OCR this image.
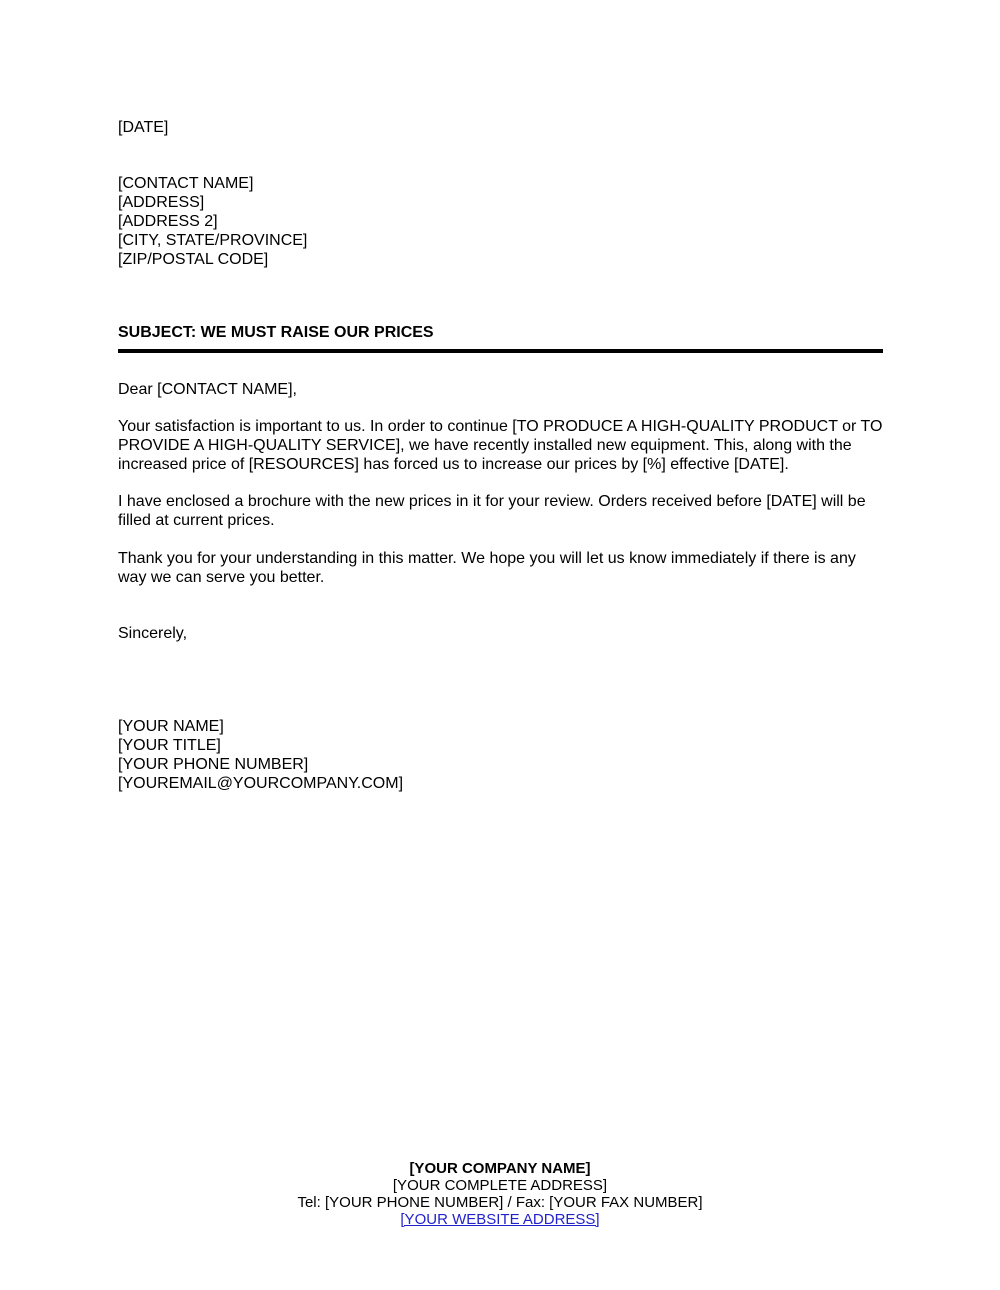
[DATE]
[CONTACT NAME]
[ADDRESS]
[ADDRESS 2]
[CITY, STATE/PROVINCE]
[ZIP/POSTAL CODE]
SUBJECT: WE MUST RAISE OUR PRICES
Dear [CONTACT NAME],
Your satisfaction is important to us. In order to continue [TO PRODUCE A HIGH-QUALITY PRODUCT or TO PROVIDE A HIGH-QUALITY SERVICE], we have recently installed new equipment. This, along with the increased price of [RESOURCES] has forced us to increase our prices by [%] effective [DATE].
I have enclosed a brochure with the new prices in it for your review. Orders received before [DATE] will be filled at current prices.
Thank you for your understanding in this matter. We hope you will let us know immediately if there is any way we can serve you better.
Sincerely,
[YOUR NAME]
[YOUR TITLE]
[YOUR PHONE NUMBER]
[YOUREMAIL@YOURCOMPANY.COM]
[YOUR COMPANY NAME]
[YOUR COMPLETE ADDRESS]
Tel: [YOUR PHONE NUMBER] / Fax: [YOUR FAX NUMBER]
[YOUR WEBSITE ADDRESS]
